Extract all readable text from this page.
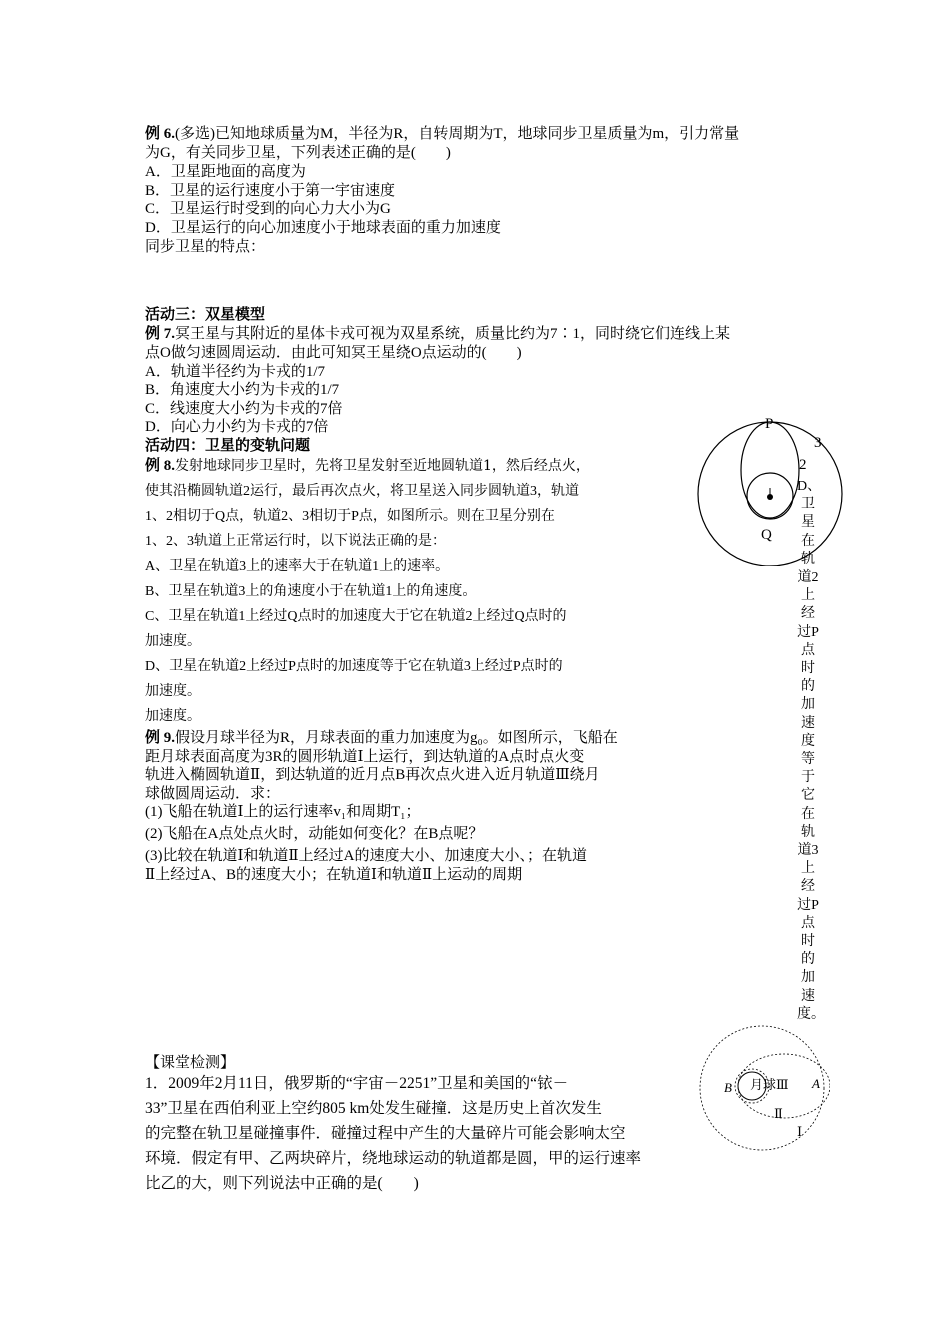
例 6.(多选)已知地球质量为M，半径为R，自转周期为T，地球同步卫星质量为m，引力常量
为G，有关同步卫星，下列表述正确的是(　　)
A．卫星距地面的高度为
B．卫星的运行速度小于第一宇宙速度
C．卫星运行时受到的向心力大小为G
D．卫星运行的向心加速度小于地球表面的重力加速度
同步卫星的特点：
活动三：双星模型
例 7.冥王星与其附近的星体卡戎可视为双星系统，质量比约为7∶1，同时绕它们连线上某
点O做匀速圆周运动．由此可知冥王星绕O点运动的(　　)
A．轨道半径约为卡戎的1/7
B．角速度大小约为卡戎的1/7
C．线速度大小约为卡戎的7倍
D．向心力小约为卡戎的7倍
活动四：卫星的变轨问题
例 8.发射地球同步卫星时，先将卫星发射至近地圆轨道1，然后经点火，
使其沿椭圆轨道2运行，最后再次点火，将卫星送入同步圆轨道3，轨道
1、2相切于Q点，轨道2、3相切于P点，如图所示。则在卫星分别在
1、2、3轨道上正常运行时，以下说法正确的是：
A、卫星在轨道3上的速率大于在轨道1上的速率。
B、卫星在轨道3上的角速度小于在轨道1上的角速度。
C、卫星在轨道1上经过Q点时的加速度大于它在轨道2上经过Q点时的
加速度。
D、卫星在轨道2上经过P点时的加速度等于它在轨道3上经过P点时的
加速度。
加速度。
P
3
2
Q
D、卫星在轨道2上经过P点时的加速度等于它在轨道3上经过P点时的加速度。
例 9.假设月球半径为R，月球表面的重力加速度为g₀。如图所示，飞船在
距月球表面高度为3R的圆形轨道Ⅰ上运行，到达轨道的A点时点火变
轨进入椭圆轨道Ⅱ，到达轨道的近月点B再次点火进入近月轨道Ⅲ绕月
球做圆周运动．求：
(1)飞船在轨道Ⅰ上的运行速率v₁和周期T₁；
(2)飞船在A点处点火时，动能如何变化？在B点呢？
(3)比较在轨道Ⅰ和轨道Ⅱ上经过A的速度大小、加速度大小、；在轨道
Ⅱ上经过A、B的速度大小；在轨道Ⅰ和轨道Ⅱ上运动的周期
B 月球Ⅲ A
Ⅱ
Ⅰ
【课堂检测】
1．2009年2月11日，俄罗斯的“宇宙－2251”卫星和美国的“铱－
33”卫星在西伯利亚上空约805 km处发生碰撞．这是历史上首次发生
的完整在轨卫星碰撞事件．碰撞过程中产生的大量碎片可能会影响太空
环境．假定有甲、乙两块碎片，绕地球运动的轨道都是圆，甲的运行速率
比乙的大，则下列说法中正确的是(　　)
